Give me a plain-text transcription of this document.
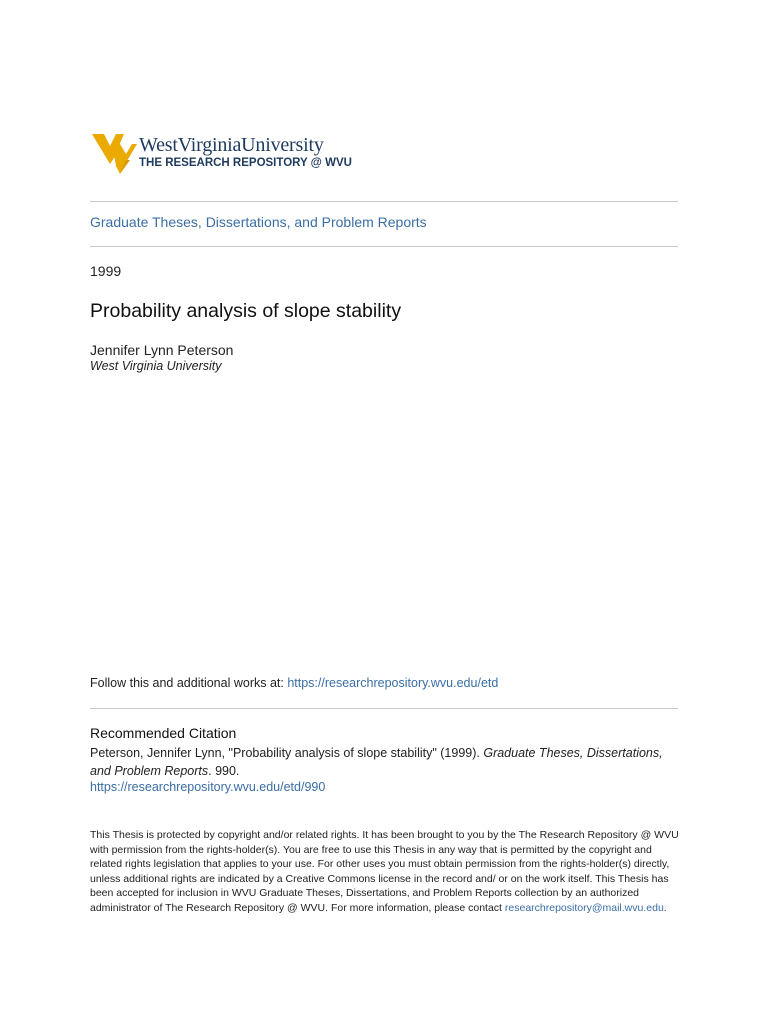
WestVirginiaUniversity
THE RESEARCH REPOSITORY @ WVU
Graduate Theses, Dissertations, and Problem Reports
1999
Probability analysis of slope stability
Jennifer Lynn Peterson
West Virginia University
Follow this and additional works at: https://researchrepository.wvu.edu/etd
Recommended Citation
Peterson, Jennifer Lynn, "Probability analysis of slope stability" (1999). Graduate Theses, Dissertations, and Problem Reports. 990.
https://researchrepository.wvu.edu/etd/990
This Thesis is protected by copyright and/or related rights. It has been brought to you by the The Research Repository @ WVU with permission from the rights-holder(s). You are free to use this Thesis in any way that is permitted by the copyright and related rights legislation that applies to your use. For other uses you must obtain permission from the rights-holder(s) directly, unless additional rights are indicated by a Creative Commons license in the record and/ or on the work itself. This Thesis has been accepted for inclusion in WVU Graduate Theses, Dissertations, and Problem Reports collection by an authorized administrator of The Research Repository @ WVU. For more information, please contact researchrepository@mail.wvu.edu.
